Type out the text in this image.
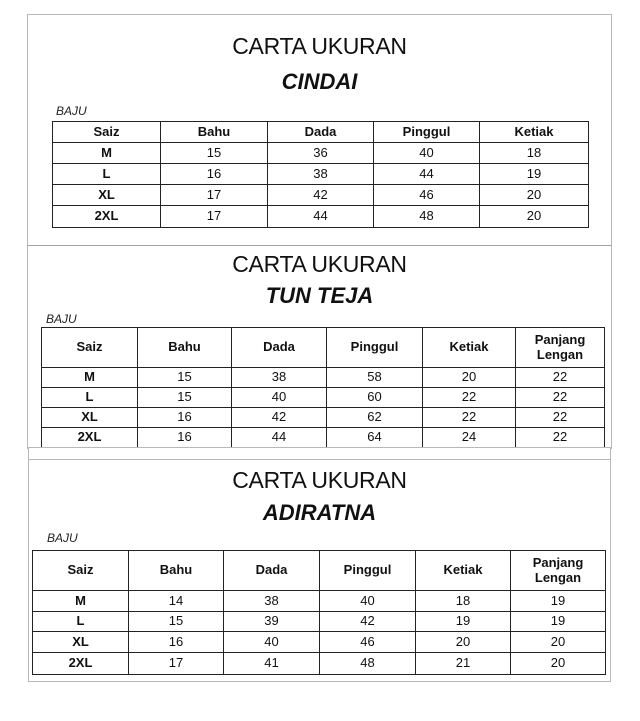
CARTA UKURAN
CINDAI
BAJU
Saiz	Bahu	Dada	Pinggul	Ketiak
M	15	36	40	18
L	16	38	44	19
XL	17	42	46	20
2XL	17	44	48	20
CARTA UKURAN
TUN TEJA
BAJU
Saiz	Bahu	Dada	Pinggul	Ketiak	Panjang Lengan
M	15	38	58	20	22
L	15	40	60	22	22
XL	16	42	62	22	22
2XL	16	44	64	24	22
CARTA UKURAN
ADIRATNA
BAJU
Saiz	Bahu	Dada	Pinggul	Ketiak	Panjang Lengan
M	14	38	40	18	19
L	15	39	42	19	19
XL	16	40	46	20	20
2XL	17	41	48	21	20
